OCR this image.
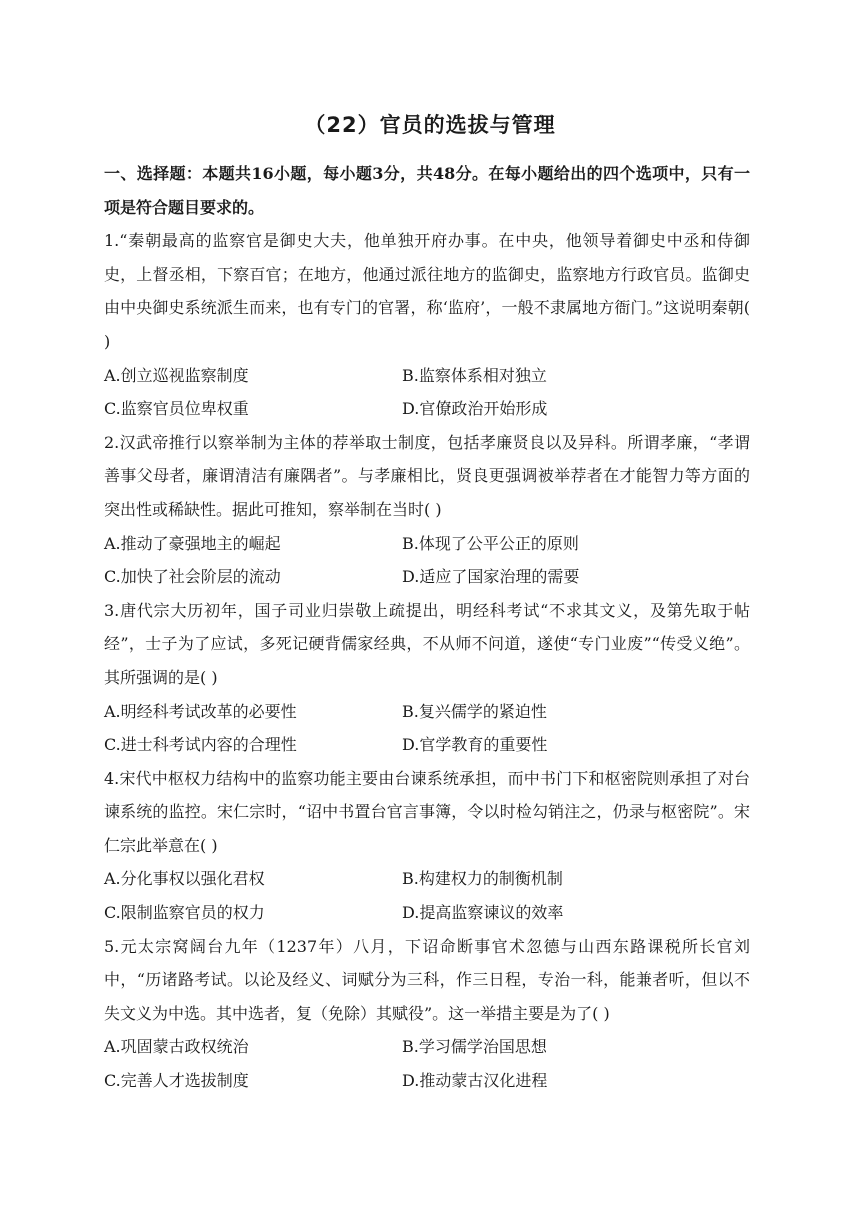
（22）官员的选拔与管理

一、选择题：本题共16小题，每小题3分，共48分。在每小题给出的四个选项中，只有一项是符合题目要求的。

1.“秦朝最高的监察官是御史大夫，他单独开府办事。在中央，他领导着御史中丞和侍御史，上督丞相，下察百官；在地方，他通过派往地方的监御史，监察地方行政官员。监御史由中央御史系统派生而来，也有专门的官署，称‘监府’，一般不隶属地方衙门。”这说明秦朝( )

A.创立巡视监察制度	B.监察体系相对独立
C.监察官员位卑权重	D.官僚政治开始形成

2.汉武帝推行以察举制为主体的荐举取士制度，包括孝廉贤良以及异科。所谓孝廉，“孝谓善事父母者，廉谓清洁有廉隅者”。与孝廉相比，贤良更强调被举荐者在才能智力等方面的突出性或稀缺性。据此可推知，察举制在当时( )

A.推动了豪强地主的崛起	B.体现了公平公正的原则
C.加快了社会阶层的流动	D.适应了国家治理的需要

3.唐代宗大历初年，国子司业归崇敬上疏提出，明经科考试“不求其文义，及第先取于帖经”，士子为了应试，多死记硬背儒家经典，不从师不问道，遂使“专门业废”“传受义绝”。其所强调的是( )

A.明经科考试改革的必要性	B.复兴儒学的紧迫性
C.进士科考试内容的合理性	D.官学教育的重要性

4.宋代中枢权力结构中的监察功能主要由台谏系统承担，而中书门下和枢密院则承担了对台谏系统的监控。宋仁宗时，“诏中书置台官言事簿，令以时检勾销注之，仍录与枢密院”。宋仁宗此举意在( )

A.分化事权以强化君权	B.构建权力的制衡机制
C.限制监察官员的权力	D.提高监察谏议的效率

5.元太宗窝阔台九年（1237年）八月，下诏命断事官术忽德与山西东路课税所长官刘中，“历诸路考试。以论及经义、词赋分为三科，作三日程，专治一科，能兼者听，但以不失文义为中选。其中选者，复（免除）其赋役”。这一举措主要是为了( )

A.巩固蒙古政权统治	B.学习儒学治国思想
C.完善人才选拔制度	D.推动蒙古汉化进程
